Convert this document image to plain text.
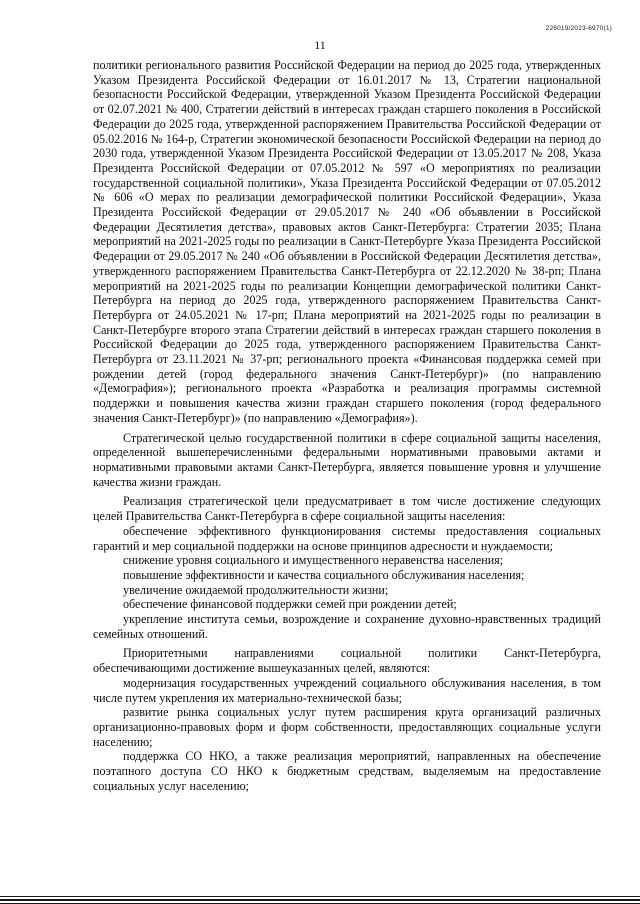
226019/2023-6970(1)
11

политики регионального развития Российской Федерации на период до 2025 года, утвержденных Указом Президента Российской Федерации от 16.01.2017 № 13, Стратегии национальной безопасности Российской Федерации, утвержденной Указом Президента Российской Федерации от 02.07.2021 № 400, Стратегии действий в интересах граждан старшего поколения в Российской Федерации до 2025 года, утвержденной распоряжением Правительства Российской Федерации от 05.02.2016 № 164-р, Стратегии экономической безопасности Российской Федерации на период до 2030 года, утвержденной Указом Президента Российской Федерации от 13.05.2017 № 208, Указа Президента Российской Федерации от 07.05.2012 № 597 «О мероприятиях по реализации государственной социальной политики», Указа Президента Российской Федерации от 07.05.2012 № 606 «О мерах по реализации демографической политики Российской Федерации», Указа Президента Российской Федерации от 29.05.2017 № 240 «Об объявлении в Российской Федерации Десятилетия детства», правовых актов Санкт-Петербурга: Стратегии 2035; Плана мероприятий на 2021-2025 годы по реализации в Санкт-Петербурге Указа Президента Российской Федерации от 29.05.2017 № 240 «Об объявлении в Российской Федерации Десятилетия детства», утвержденного распоряжением Правительства Санкт-Петербурга от 22.12.2020 № 38-рп; Плана мероприятий на 2021-2025 годы по реализации Концепции демографической политики Санкт-Петербурга на период до 2025 года, утвержденного распоряжением Правительства Санкт-Петербурга от 24.05.2021 № 17-рп; Плана мероприятий на 2021-2025 годы по реализации в Санкт-Петербурге второго этапа Стратегии действий в интересах граждан старшего поколения в Российской Федерации до 2025 года, утвержденного распоряжением Правительства Санкт-Петербурга от 23.11.2021 № 37-рп; регионального проекта «Финансовая поддержка семей при рождении детей (город федерального значения Санкт-Петербург)» (по направлению «Демография»); регионального проекта «Разработка и реализация программы системной поддержки и повышения качества жизни граждан старшего поколения (город федерального значения Санкт-Петербург)» (по направлению «Демография»).

Стратегической целью государственной политики в сфере социальной защиты населения, определенной вышеперечисленными федеральными нормативными правовыми актами и нормативными правовыми актами Санкт-Петербурга, является повышение уровня и улучшение качества жизни граждан.

Реализация стратегической цели предусматривает в том числе достижение следующих целей Правительства Санкт-Петербурга в сфере социальной защиты населения:

обеспечение эффективного функционирования системы предоставления социальных гарантий и мер социальной поддержки на основе принципов адресности и нуждаемости;

снижение уровня социального и имущественного неравенства населения;

повышение эффективности и качества социального обслуживания населения;

увеличение ожидаемой продолжительности жизни;

обеспечение финансовой поддержки семей при рождении детей;

укрепление института семьи, возрождение и сохранение духовно-нравственных традиций семейных отношений.

Приоритетными направлениями социальной политики Санкт-Петербурга, обеспечивающими достижение вышеуказанных целей, являются:

модернизация государственных учреждений социального обслуживания населения, в том числе путем укрепления их материально-технической базы;

развитие рынка социальных услуг путем расширения круга организаций различных организационно-правовых форм и форм собственности, предоставляющих социальные услуги населению;

поддержка СО НКО, а также реализация мероприятий, направленных на обеспечение поэтапного доступа СО НКО к бюджетным средствам, выделяемым на предоставление социальных услуг населению;
